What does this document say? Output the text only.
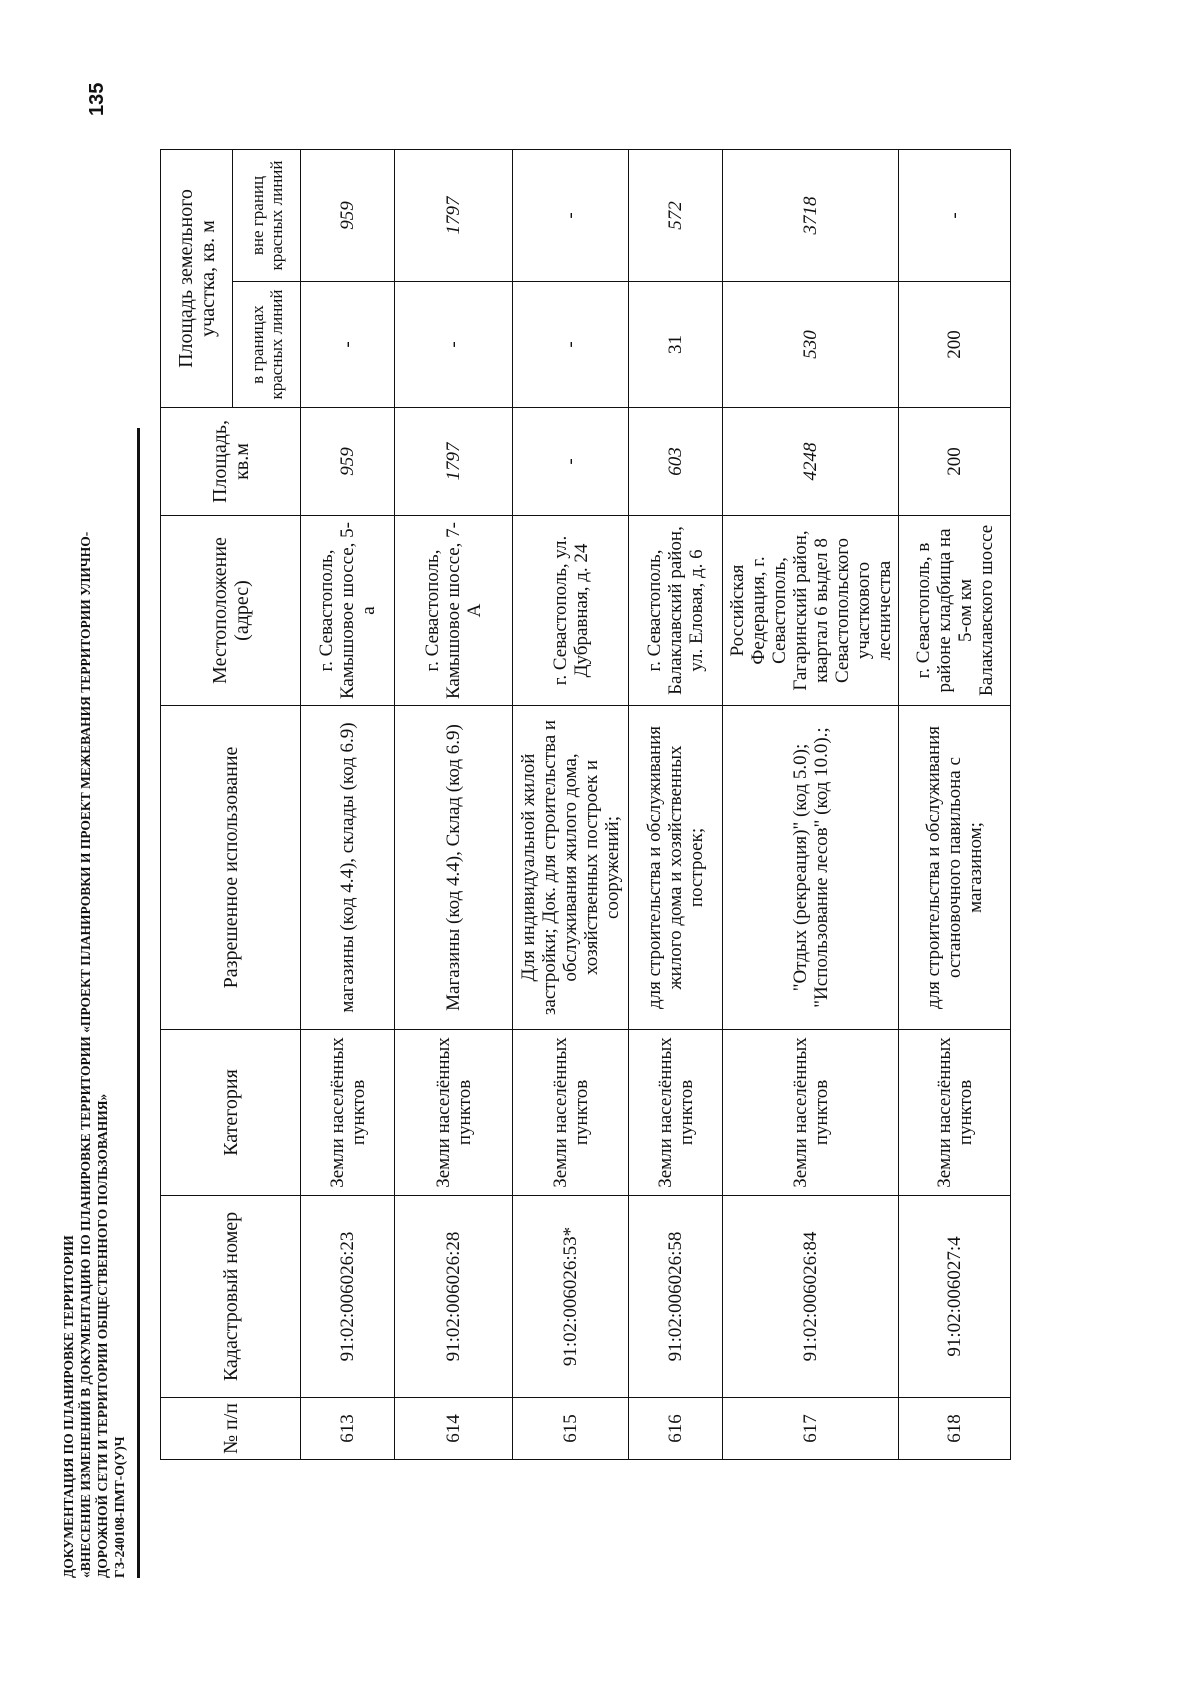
ДОКУМЕНТАЦИЯ ПО ПЛАНИРОВКЕ ТЕРРИТОРИИ «ВНЕСЕНИЕ ИЗМЕНЕНИЙ В ДОКУМЕНТАЦИЮ ПО ПЛАНИРОВКЕ ТЕРРИТОРИИ «ПРОЕКТ ПЛАНИРОВКИ И ПРОЕКТ МЕЖЕВАНИЯ ТЕРРИТОРИИ УЛИЧНО- ДОРОЖНОЙ СЕТИ И ТЕРРИТОРИИ ОБЩЕСТВЕННОГО ПОЛЬЗОВАНИЯ» ГЗ-240108-ПМТ-О(У)Ч
135
№ п/п	Кадастровый номер	Категория	Разрешенное использование	Местоположение (адрес)	Площадь, кв.м	Площадь земельного участка, кв. м	
						в границах красных линий	вне границ красных линий
613	91:02:006026:23	Земли населённых пунктов	магазины (код 4.4), склады (код 6.9)	г. Севастополь, Камышовое шоссе, 5-а	959	-	959
614	91:02:006026:28	Земли населённых пунктов	Магазины (код 4.4), Склад (код 6.9)	г. Севастополь, Камышовое шоссе, 7-А	1797	-	1797
615	91:02:006026:53*	Земли населённых пунктов	Для индивидуальной жилой застройки; Док. для строительства и обслуживания жилого дома, хозяйственных построек и сооружений;	г. Севастополь, ул. Дубравная, д. 24	-	-	-
616	91:02:006026:58	Земли населённых пунктов	для строительства и обслуживания жилого дома и хозяйственных построек;	г. Севастополь, Балаклавский район, ул. Еловая, д. 6	603	31	572
617	91:02:006026:84	Земли населённых пунктов	"Отдых (рекреация)" (код 5.0); "Использование лесов" (код 10.0).;	Российская Федерация, г. Севастополь, Гагаринский район, квартал 6 выдел 8 Севастопольского участкового лесничества	4248	530	3718
618	91:02:006027:4	Земли населённых пунктов	для строительства и обслуживания остановочного павильона с магазином;	г. Севастополь, в районе кладбища на 5-ом км Балаклавского шоссе	200	200	-
